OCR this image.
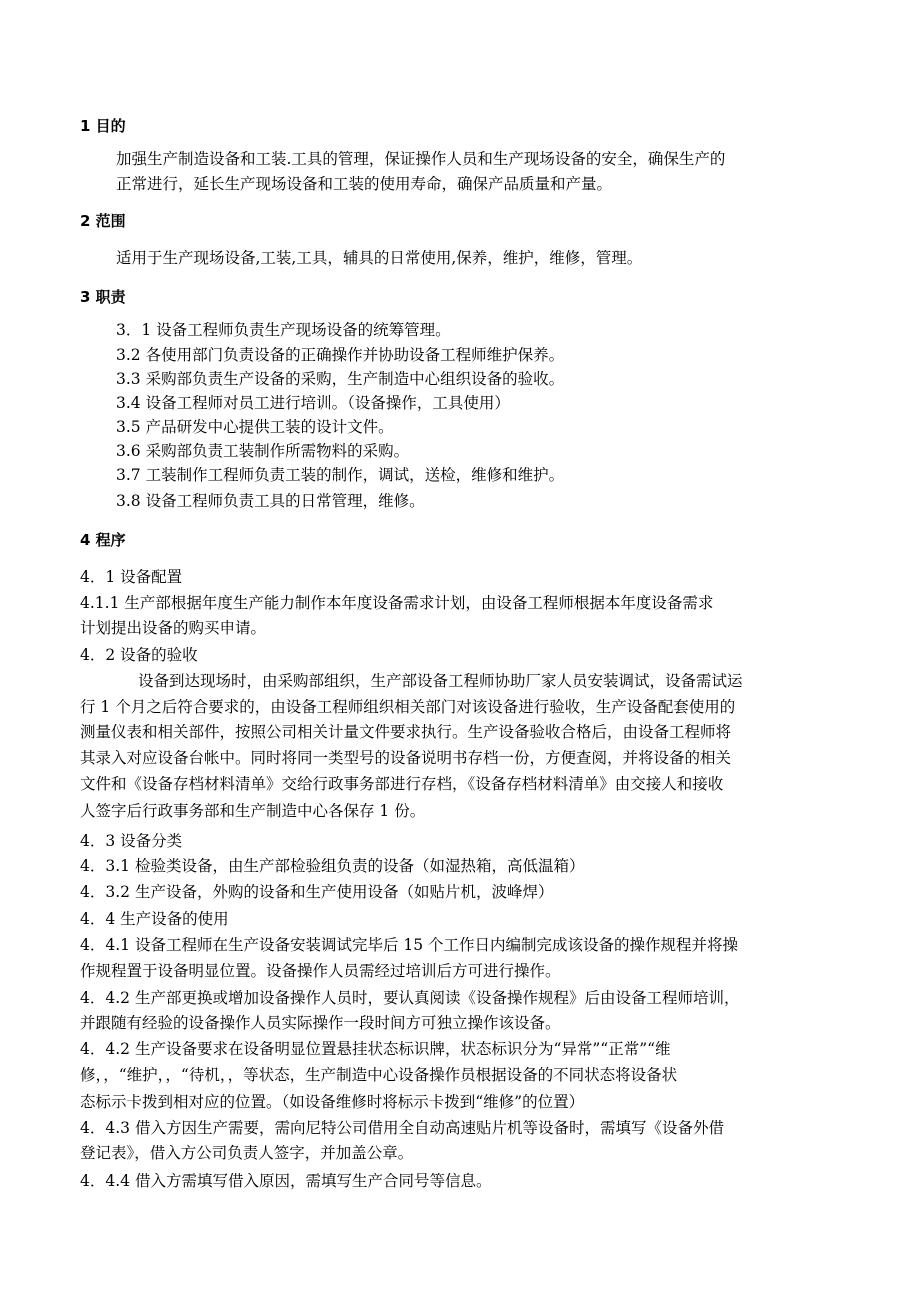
1 目的
加强生产制造设备和工装.工具的管理，保证操作人员和生产现场设备的安全，确保生产的
正常进行，延长生产现场设备和工装的使用寿命，确保产品质量和产量。
2 范围
适用于生产现场设备,工装,工具，辅具的日常使用,保养，维护，维修，管理。
3 职责
3．1 设备工程师负责生产现场设备的统筹管理。
3.2 各使用部门负责设备的正确操作并协助设备工程师维护保养。
3.3 采购部负责生产设备的采购，生产制造中心组织设备的验收。
3.4 设备工程师对员工进行培训。（设备操作，工具使用）
3.5 产品研发中心提供工装的设计文件。
3.6 采购部负责工装制作所需物料的采购。
3.7 工装制作工程师负责工装的制作，调试，送检，维修和维护。
3.8 设备工程师负责工具的日常管理，维修。
4 程序
4．1 设备配置
4.1.1 生产部根据年度生产能力制作本年度设备需求计划，由设备工程师根据本年度设备需求
计划提出设备的购买申请。
4．2 设备的验收
设备到达现场时，由采购部组织，生产部设备工程师协助厂家人员安装调试，设备需试运
行 1 个月之后符合要求的，由设备工程师组织相关部门对该设备进行验收，生产设备配套使用的
测量仪表和相关部件，按照公司相关计量文件要求执行。生产设备验收合格后，由设备工程师将
其录入对应设备台帐中。同时将同一类型号的设备说明书存档一份，方便查阅，并将设备的相关
文件和《设备存档材料清单》交给行政事务部进行存档，《设备存档材料清单》由交接人和接收
人签字后行政事务部和生产制造中心各保存 1 份。
4．3 设备分类
4．3.1 检验类设备，由生产部检验组负责的设备（如湿热箱，高低温箱）
4．3.2 生产设备，外购的设备和生产使用设备（如贴片机，波峰焊）
4．4 生产设备的使用
4．4.1 设备工程师在生产设备安装调试完毕后 15 个工作日内编制完成该设备的操作规程并将操
作规程置于设备明显位置。设备操作人员需经过培训后方可进行操作。
4．4.2 生产部更换或增加设备操作人员时，要认真阅读《设备操作规程》后由设备工程师培训，
并跟随有经验的设备操作人员实际操作一段时间方可独立操作该设备。
4．4.2 生产设备要求在设备明显位置悬挂状态标识牌，状态标识分为“异常”“正常”“维
修，，“维护，，“待机，，等状态，生产制造中心设备操作员根据设备的不同状态将设备状
态标示卡拨到相对应的位置。（如设备维修时将标示卡拨到“维修”的位置）
4．4.3 借入方因生产需要，需向尼特公司借用全自动高速贴片机等设备时，需填写《设备外借
登记表》，借入方公司负责人签字，并加盖公章。
4．4.4 借入方需填写借入原因，需填写生产合同号等信息。
